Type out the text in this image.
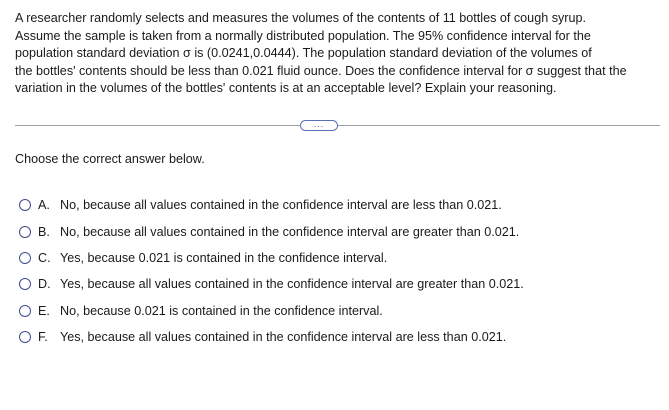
A researcher randomly selects and measures the volumes of the contents of 11 bottles of cough syrup.
Assume the sample is taken from a normally distributed population. The 95% confidence interval for the
population standard deviation σ is (0.0241,0.0444). The population standard deviation of the volumes of
the bottles' contents should be less than 0.021 fluid ounce. Does the confidence interval for σ suggest that the
variation in the volumes of the bottles' contents is at an acceptable level? Explain your reasoning.
...
Choose the correct answer below.
A. No, because all values contained in the confidence interval are less than 0.021.
B. No, because all values contained in the confidence interval are greater than 0.021.
C. Yes, because 0.021 is contained in the confidence interval.
D. Yes, because all values contained in the confidence interval are greater than 0.021.
E. No, because 0.021 is contained in the confidence interval.
F. Yes, because all values contained in the confidence interval are less than 0.021.
